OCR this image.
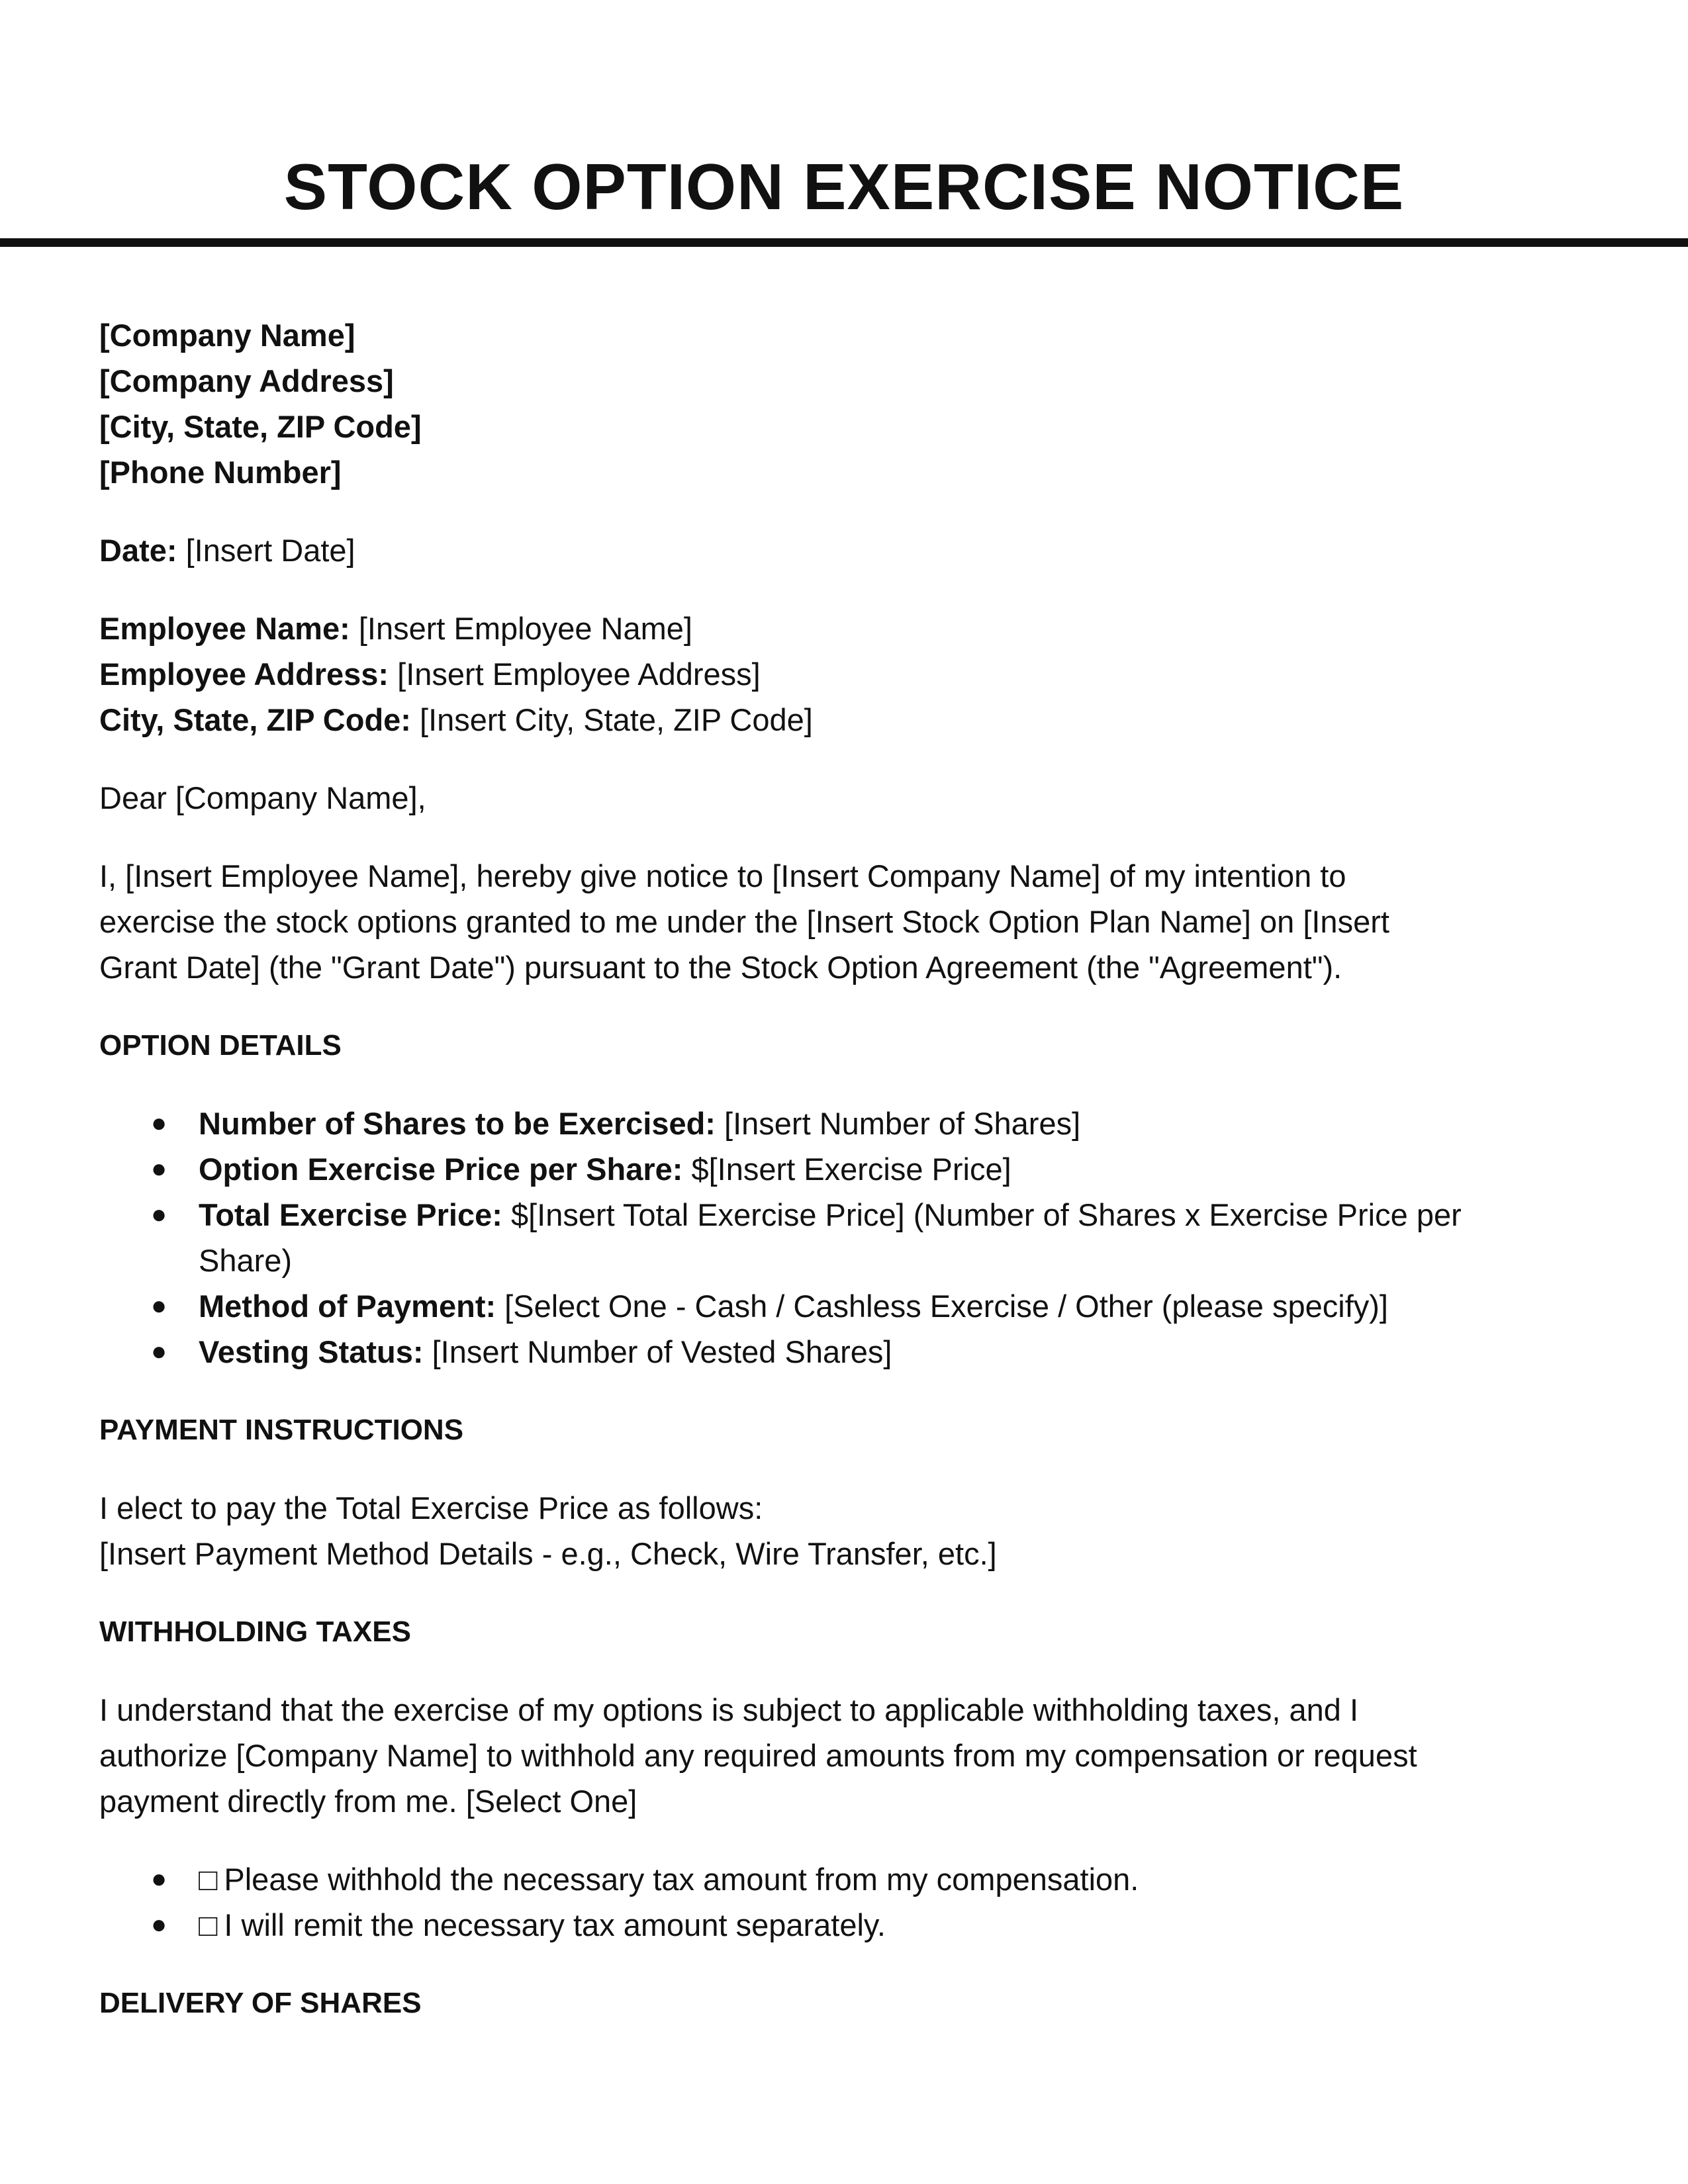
STOCK OPTION EXERCISE NOTICE
[Company Name]
[Company Address]
[City, State, ZIP Code]
[Phone Number]
Date: [Insert Date]
Employee Name: [Insert Employee Name]
Employee Address: [Insert Employee Address]
City, State, ZIP Code: [Insert City, State, ZIP Code]
Dear [Company Name],
I, [Insert Employee Name], hereby give notice to [Insert Company Name] of my intention to
exercise the stock options granted to me under the [Insert Stock Option Plan Name] on [Insert
Grant Date] (the "Grant Date") pursuant to the Stock Option Agreement (the "Agreement").
OPTION DETAILS
● Number of Shares to be Exercised: [Insert Number of Shares]
● Option Exercise Price per Share: $[Insert Exercise Price]
● Total Exercise Price: $[Insert Total Exercise Price] (Number of Shares x Exercise Price per
Share)
● Method of Payment: [Select One - Cash / Cashless Exercise / Other (please specify)]
● Vesting Status: [Insert Number of Vested Shares]
PAYMENT INSTRUCTIONS
I elect to pay the Total Exercise Price as follows:
[Insert Payment Method Details - e.g., Check, Wire Transfer, etc.]
WITHHOLDING TAXES
I understand that the exercise of my options is subject to applicable withholding taxes, and I
authorize [Company Name] to withhold any required amounts from my compensation or request
payment directly from me. [Select One]
● □ Please withhold the necessary tax amount from my compensation.
● □ I will remit the necessary tax amount separately.
DELIVERY OF SHARES
